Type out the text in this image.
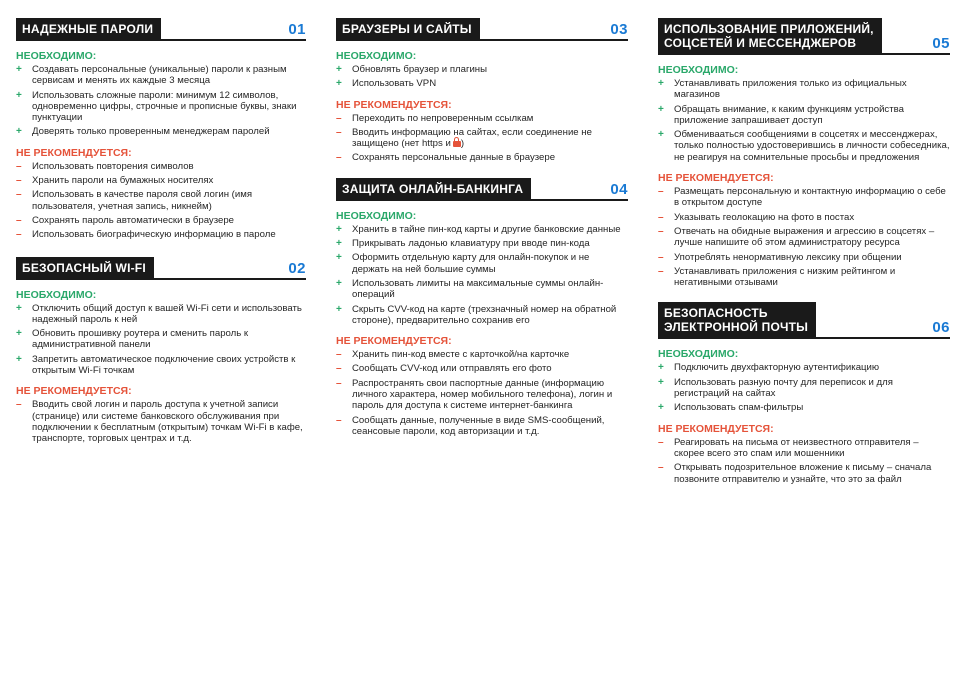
НАДЕЖНЫЕ ПАРОЛИ	01

НЕОБХОДИМО:

+	Создавать персональные (уникальные) пароли к разным сервисам и менять их каждые 3 месяца
+	Использовать сложные пароли: минимум 12 символов, одновременно цифры, строчные и прописные буквы, знаки пунктуации
+	Доверять только проверенным менеджерам паролей

НЕ РЕКОМЕНДУЕТСЯ:

–	Использовать повторения символов
–	Хранить пароли на бумажных носителях
–	Использовать в качестве пароля свой логин (имя пользователя, учетная запись, никнейм)
–	Сохранять пароль автоматически в браузере
–	Использовать биографическую информацию в пароле
БЕЗОПАСНЫЙ WI-FI	02

НЕОБХОДИМО:

+	Отключить общий доступ к вашей Wi-Fi сети и использовать надежный пароль к ней
+	Обновить прошивку роутера и сменить пароль к административной панели
+	Запретить автоматическое подключение своих устройств к открытым Wi-Fi точкам

НЕ РЕКОМЕНДУЕТСЯ:

–	Вводить свой логин и пароль доступа к учетной записи (странице) или системе банковского обслуживания при подключении к бесплатным (открытым) точкам Wi-Fi в кафе, транспорте, торговых центрах и т.д.
БРАУЗЕРЫ И САЙТЫ	03

НЕОБХОДИМО:

+	Обновлять браузер и плагины
+	Использовать VPN

НЕ РЕКОМЕНДУЕТСЯ:

–	Переходить по непроверенным ссылкам
–	Вводить информацию на сайтах, если соединение не защищено (нет https и )
–	Сохранять персональные данные в браузере
ЗАЩИТА ОНЛАЙН-БАНКИНГА	04

НЕОБХОДИМО:

+	Хранить в тайне пин-код карты и другие банковские данные
+	Прикрывать ладонью клавиатуру при вводе пин-кода
+	Оформить отдельную карту для онлайн-покупок и не держать на ней большие суммы
+	Использовать лимиты на максимальные суммы онлайн-операций
+	Скрыть CVV-код на карте (трехзначный номер на обратной стороне), предварительно сохранив его

НЕ РЕКОМЕНДУЕТСЯ:

–	Хранить пин-код вместе с карточкой/на карточке
–	Сообщать CVV-код или отправлять его фото
–	Распространять свои паспортные данные (информацию личного характера, номер мобильного телефона), логин и пароль для доступа к системе интернет-банкинга
–	Сообщать данные, полученные в виде SMS-сообщений, сеансовые пароли, код авторизации и т.д.
ИСПОЛЬЗОВАНИЕ ПРИЛОЖЕНИЙ,
СОЦСЕТЕЙ И МЕССЕНДЖЕРОВ	05

НЕОБХОДИМО:

+	Устанавливать приложения только из официальных магазинов
+	Обращать внимание, к каким функциям устройства приложение запрашивает доступ
+	Обменивааться сообщениями в соцсетях и мессенджерах, только полностью удостоверившись в личности собеседника, не реагируя на сомнительные просьбы и предложения

НЕ РЕКОМЕНДУЕТСЯ:

–	Размещать персональную и контактную информацию о себе в открытом доступе
–	Указывать геолокацию на фото в постах
–	Отвечать на обидные выражения и агрессию в соцсетях – лучше напишите об этом администратору ресурса
–	Употреблять ненормативную лексику при общении
–	Устанавливать приложения с низким рейтингом и негативными отзывами
БЕЗОПАСНОСТЬ
ЭЛЕКТРОННОЙ ПОЧТЫ	06

НЕОБХОДИМО:

+	Подключить двухфакторную аутентификацию
+	Использовать разную почту для переписок и для регистраций на сайтах
+	Использовать спам-фильтры

НЕ РЕКОМЕНДУЕТСЯ:

–	Реагировать на письма от неизвестного отправителя – скорее всего это спам или мошенники
–	Открывать подозрительное вложение к письму – сначала позвоните отправителю и узнайте, что это за файл
